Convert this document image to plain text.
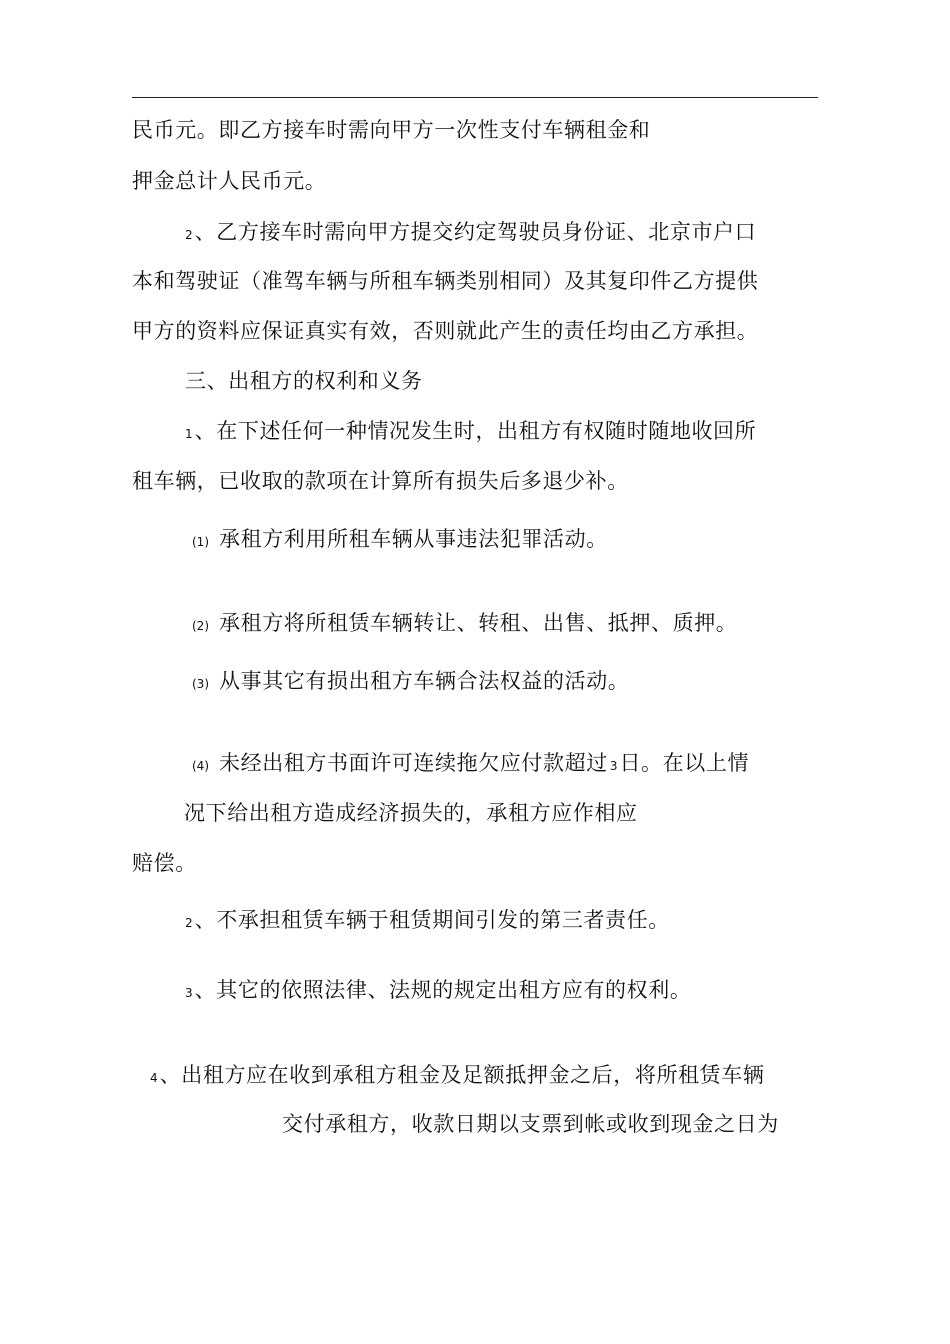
民币元。即乙方接车时需向甲方一次性支付车辆租金和
押金总计人民币元。
2、乙方接车时需向甲方提交约定驾驶员身份证、北京市户口
本和驾驶证（准驾车辆与所租车辆类别相同）及其复印件乙方提供
甲方的资料应保证真实有效，否则就此产生的责任均由乙方承担。
三、出租方的权利和义务
1、在下述任何一种情况发生时，出租方有权随时随地收回所
租车辆，已收取的款项在计算所有损失后多退少补。
(1) 承租方利用所租车辆从事违法犯罪活动。
(2) 承租方将所租赁车辆转让、转租、出售、抵押、质押。
(3) 从事其它有损出租方车辆合法权益的活动。
(4) 未经出租方书面许可连续拖欠应付款超过 3日。在以上情
况下给出租方造成经济损失的，承租方应作相应
赔偿。
2、不承担租赁车辆于租赁期间引发的第三者责任。
3、其它的依照法律、法规的规定出租方应有的权利。
4、出租方应在收到承租方租金及足额抵押金之后，将所租赁车辆
交付承租方，收款日期以支票到帐或收到现金之日为
